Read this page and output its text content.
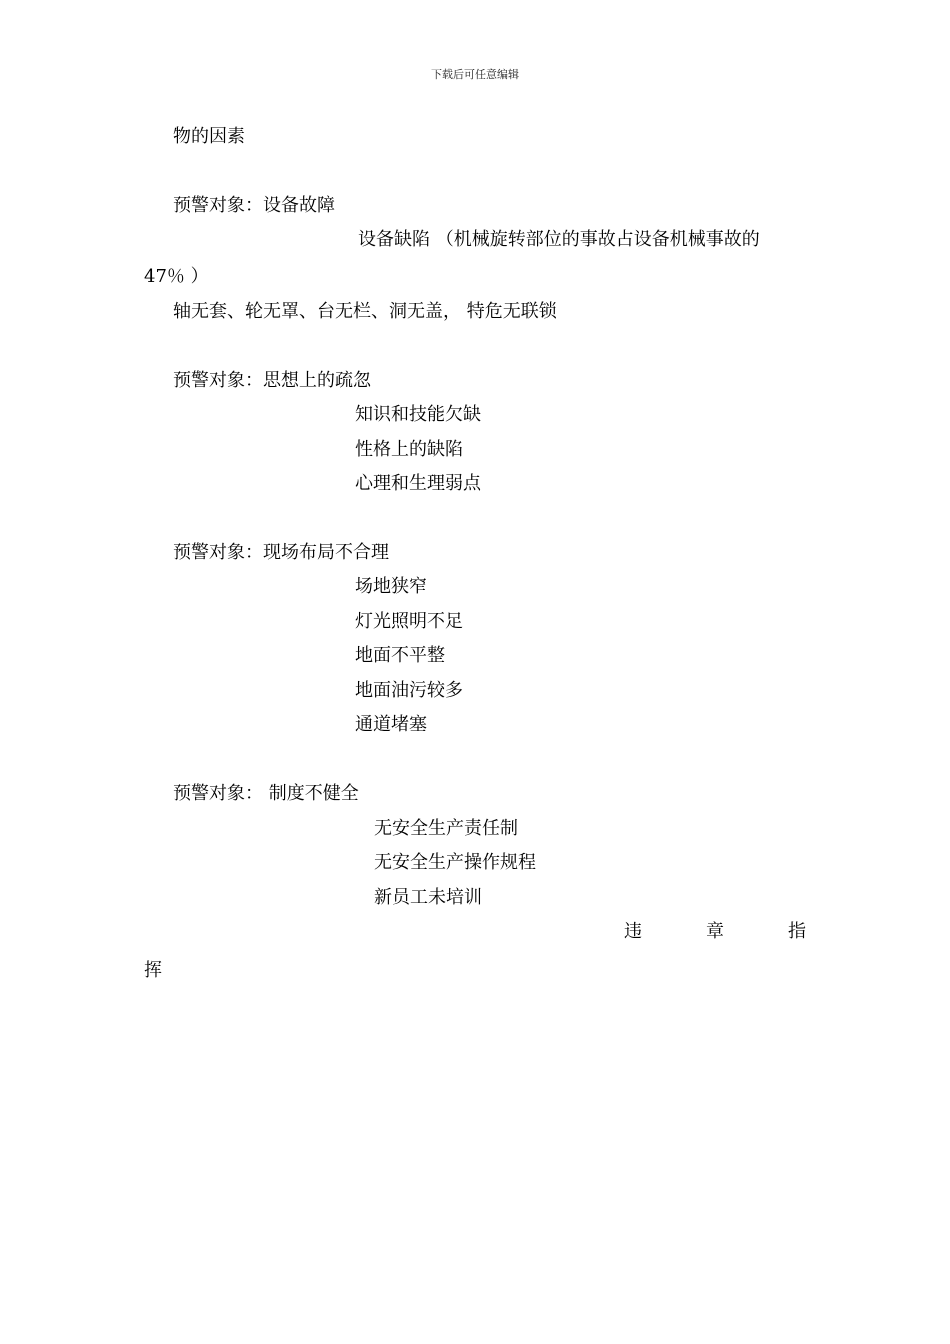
下载后可任意编辑
物的因素
预警对象：设备故障
设备缺陷 （机械旋转部位的事故占设备机械事故的
47％ ）
轴无套、轮无罩、台无栏、洞无盖， 特危无联锁
预警对象：思想上的疏忽
知识和技能欠缺
性格上的缺陷
心理和生理弱点
预警对象：现场布局不合理
场地狭窄
灯光照明不足
地面不平整
地面油污较多
通道堵塞
预警对象： 制度不健全
无安全生产责任制
无安全生产操作规程
新员工未培训
违	章	指
挥
